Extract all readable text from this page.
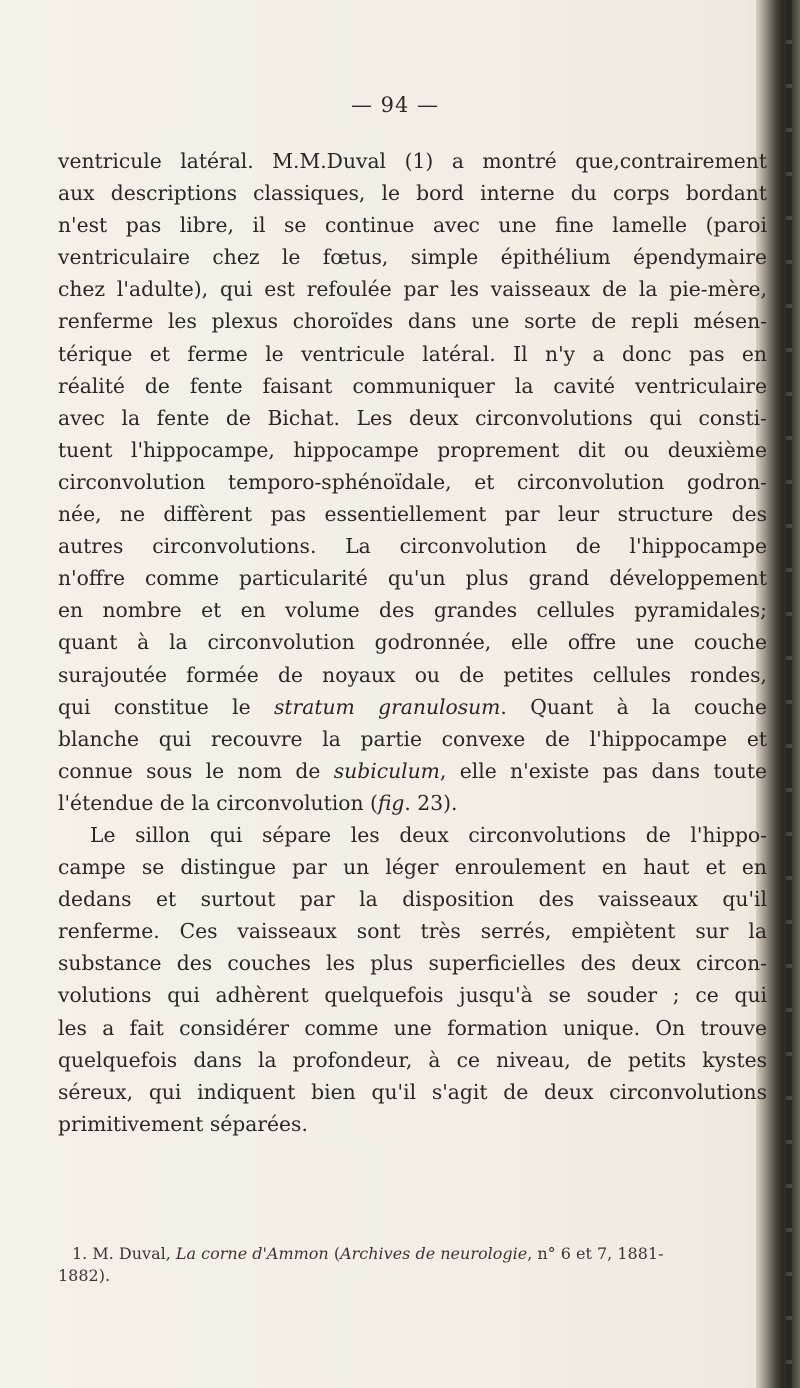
— 94 —
ventricule latéral. M.M.Duval (1) a montré que,contrairement
aux descriptions classiques, le bord interne du corps bordant
n'est pas libre, il se continue avec une fine lamelle (paroi
ventriculaire chez le fœtus, simple épithélium épendymaire
chez l'adulte), qui est refoulée par les vaisseaux de la pie-mère,
renferme les plexus choroïdes dans une sorte de repli mésen-
térique et ferme le ventricule latéral. Il n'y a donc pas en
réalité de fente faisant communiquer la cavité ventriculaire
avec la fente de Bichat. Les deux circonvolutions qui consti-
tuent l'hippocampe, hippocampe proprement dit ou deuxième
circonvolution temporo-sphénoïdale, et circonvolution godron-
née, ne diffèrent pas essentiellement par leur structure des
autres circonvolutions. La circonvolution de l'hippocampe
n'offre comme particularité qu'un plus grand développement
en nombre et en volume des grandes cellules pyramidales;
quant à la circonvolution godronnée, elle offre une couche
surajoutée formée de noyaux ou de petites cellules rondes,
qui constitue le stratum granulosum. Quant à la couche
blanche qui recouvre la partie convexe de l'hippocampe et
connue sous le nom de subiculum, elle n'existe pas dans toute
l'étendue de la circonvolution (fig. 23).
Le sillon qui sépare les deux circonvolutions de l'hippo-
campe se distingue par un léger enroulement en haut et en
dedans et surtout par la disposition des vaisseaux qu'il
renferme. Ces vaisseaux sont très serrés, empiètent sur la
substance des couches les plus superficielles des deux circon-
volutions qui adhèrent quelquefois jusqu'à se souder ; ce qui
les a fait considérer comme une formation unique. On trouve
quelquefois dans la profondeur, à ce niveau, de petits kystes
séreux, qui indiquent bien qu'il s'agit de deux circonvolutions
primitivement séparées.
1. M. Duval, La corne d'Ammon (Archives de neurologie, n° 6 et 7, 1881-
1882).
